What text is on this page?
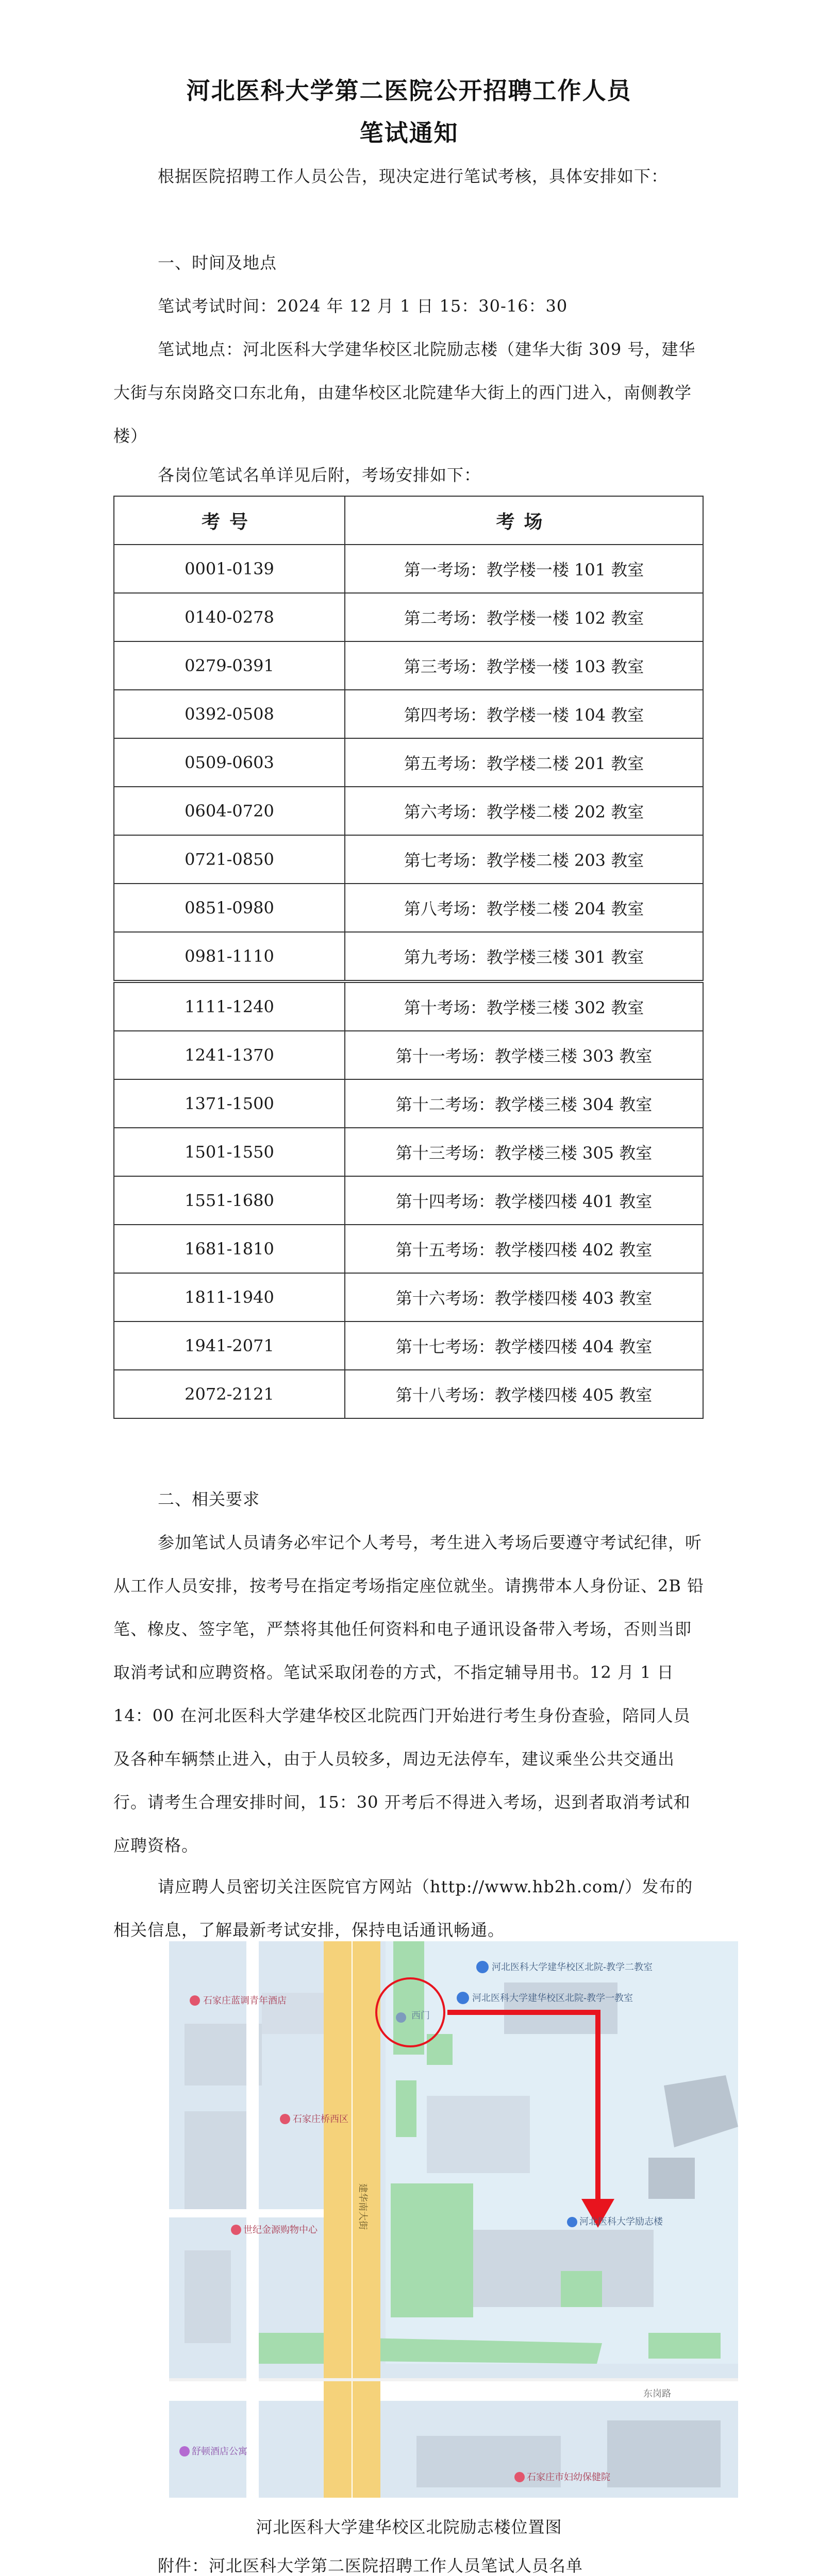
河北医科大学第二医院公开招聘工作人员
笔试通知
根据医院招聘工作人员公告，现决定进行笔试考核，具体安排如下：
一、时间及地点
笔试考试时间：2024 年 12 月 1 日 15：30-16：30
笔试地点：河北医科大学建华校区北院励志楼（建华大街 309 号，建华大街与东岗路交口东北角，由建华校区北院建华大街上的西门进入，南侧教学楼）
各岗位笔试名单详见后附，考场安排如下：
考号	考场
0001-0139	第一考场：教学楼一楼 101 教室
0140-0278	第二考场：教学楼一楼 102 教室
0279-0391	第三考场：教学楼一楼 103 教室
0392-0508	第四考场：教学楼一楼 104 教室
0509-0603	第五考场：教学楼二楼 201 教室
0604-0720	第六考场：教学楼二楼 202 教室
0721-0850	第七考场：教学楼二楼 203 教室
0851-0980	第八考场：教学楼二楼 204 教室
0981-1110	第九考场：教学楼三楼 301 教室
1111-1240	第十考场：教学楼三楼 302 教室
1241-1370	第十一考场：教学楼三楼 303 教室
1371-1500	第十二考场：教学楼三楼 304 教室
1501-1550	第十三考场：教学楼三楼 305 教室
1551-1680	第十四考场：教学楼四楼 401 教室
1681-1810	第十五考场：教学楼四楼 402 教室
1811-1940	第十六考场：教学楼四楼 403 教室
1941-2071	第十七考场：教学楼四楼 404 教室
2072-2121	第十八考场：教学楼四楼 405 教室
二、相关要求
参加笔试人员请务必牢记个人考号，考生进入考场后要遵守考试纪律，听从工作人员安排，按考号在指定考场指定座位就坐。请携带本人身份证、2B 铅笔、橡皮、签字笔，严禁将其他任何资料和电子通讯设备带入考场，否则当即取消考试和应聘资格。笔试采取闭卷的方式，不指定辅导用书。12 月 1 日 14：00 在河北医科大学建华校区北院西门开始进行考生身份查验，陪同人员及各种车辆禁止进入，由于人员较多，周边无法停车，建议乘坐公共交通出行。请考生合理安排时间，15：30 开考后不得进入考场，迟到者取消考试和应聘资格。
请应聘人员密切关注医院官方网站（http://www.hb2h.com/）发布的相关信息，了解最新考试安排，保持电话通讯畅通。
河北医科大学建华校区北院-教学二教室
河北医科大学建华校区北院-教学一教室
西门
河北医科大学励志楼
东岗路
石家庄蓝调青年酒店
石家庄桥西区
世纪金源购物中心
石家庄市妇幼保健院
舒顿酒店公寓
建华南大街
河北医科大学建华校区北院励志楼位置图
附件：河北医科大学第二医院招聘工作人员笔试人员名单
